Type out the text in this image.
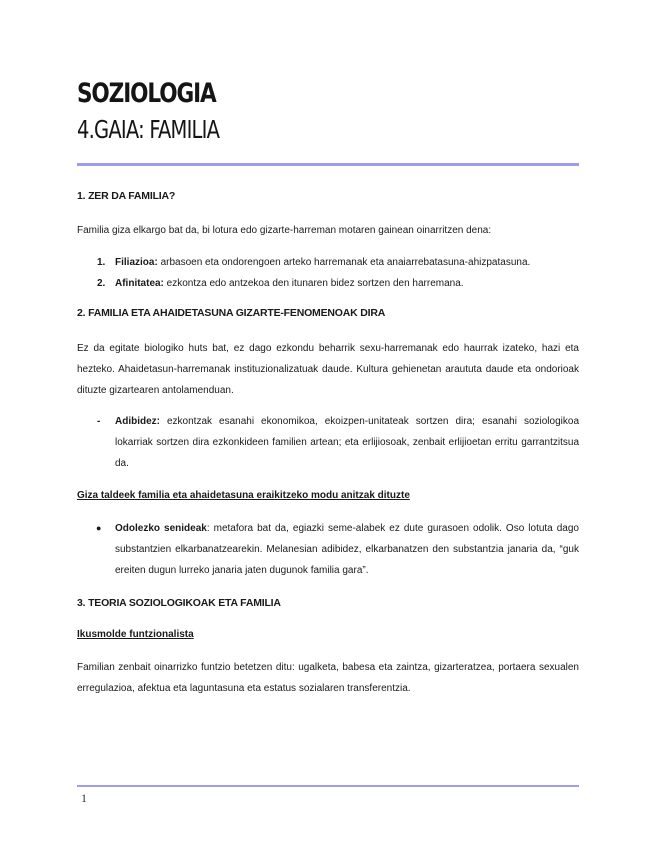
SOZIOLOGIA
4.GAIA: FAMILIA
1. ZER DA FAMILIA?
Familia giza elkargo bat da, bi lotura edo gizarte-harreman motaren gainean oinarritzen dena:
1. Filiazioa: arbasoen eta ondorengoen arteko harremanak eta anaiarrebatasuna-ahizpatasuna.
2. Afinitatea: ezkontza edo antzekoa den itunaren bidez sortzen den harremana.
2. FAMILIA ETA AHAIDETASUNA GIZARTE-FENOMENOAK DIRA
Ez da egitate biologiko huts bat, ez dago ezkondu beharrik sexu-harremanak edo haurrak izateko, hazi eta hezteko. Ahaidetasun-harremanak instituzionalizatuak daude. Kultura gehienetan araututa daude eta ondorioak dituzte gizartearen antolamenduan.
- Adibidez: ezkontzak esanahi ekonomikoa, ekoizpen-unitateak sortzen dira; esanahi soziologikoa lokarriak sortzen dira ezkonkideen familien artean; eta erlijiosoak, zenbait erlijioetan erritu garrantzitsua da.
Giza taldeek familia eta ahaidetasuna eraikitzeko modu anitzak dituzte
● Odolezko senideak: metafora bat da, egiazki seme-alabek ez dute gurasoen odolik. Oso lotuta dago substantzien elkarbanatzearekin. Melanesian adibidez, elkarbanatzen den substantzia janaria da, “guk ereiten dugun lurreko janaria jaten dugunok familia gara”.
3. TEORIA SOZIOLOGIKOAK ETA FAMILIA
Ikusmolde funtzionalista
Familian zenbait oinarrizko funtzio betetzen ditu: ugalketa, babesa eta zaintza, gizarteratzea, portaera sexualen erregulazioa, afektua eta laguntasuna eta estatus sozialaren transferentzia.
1
